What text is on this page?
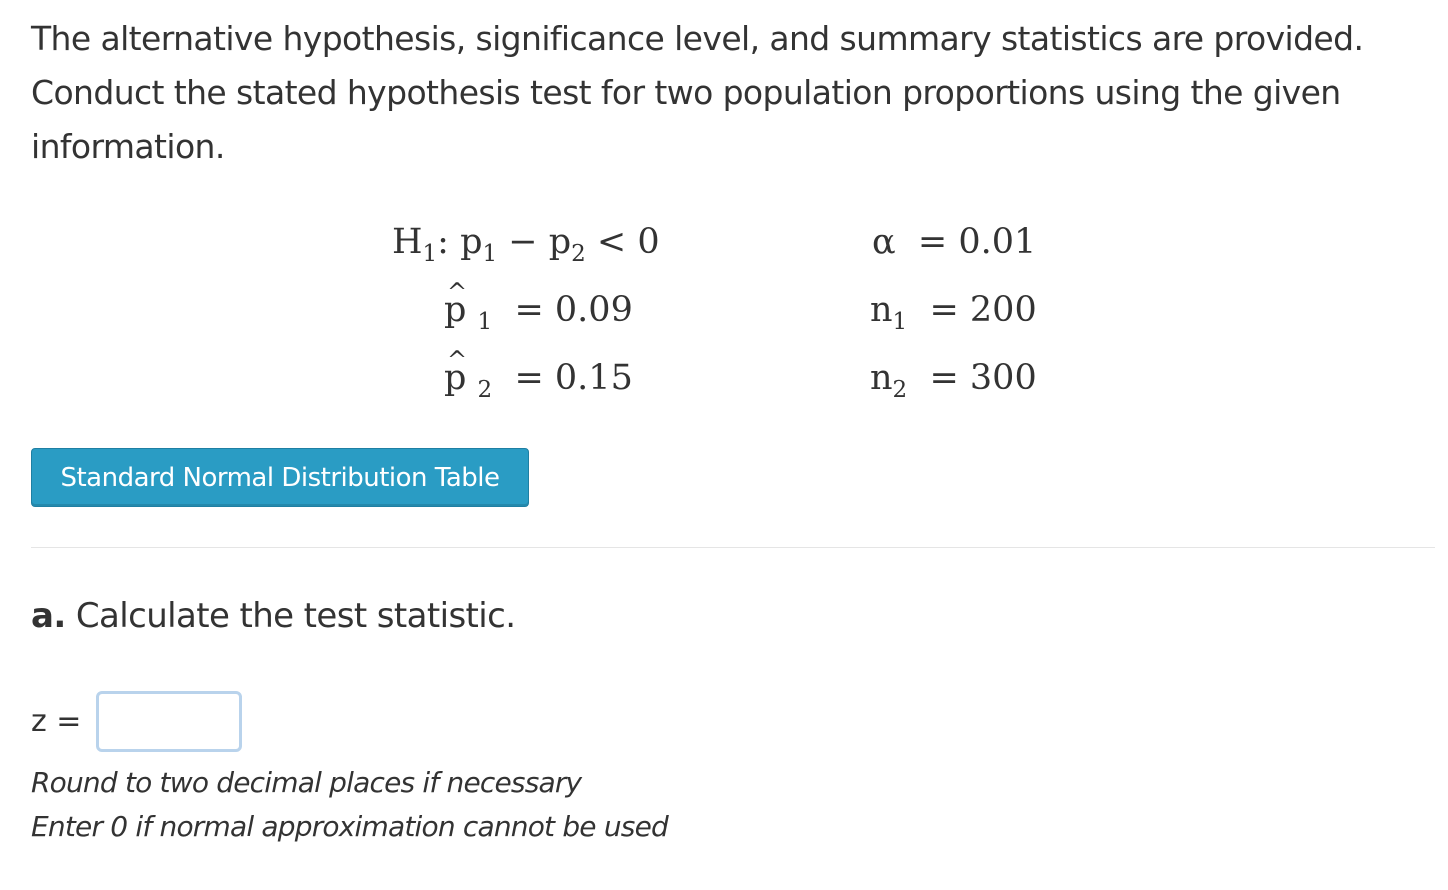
The alternative hypothesis, significance level, and summary statistics are provided. Conduct the stated hypothesis test for two population proportions using the given information.

$H_1$: $p_1 - p_2 < 0$
^ p $_1$  = 0.09
^ p $_2$  = 0.15
α  = 0.01
$n_1 = 200$
$n_2 = 300$
Standard Normal Distribution Table
a. Calculate the test statistic.
z =
Round to two decimal places if necessary
Enter 0 if normal approximation cannot be used
